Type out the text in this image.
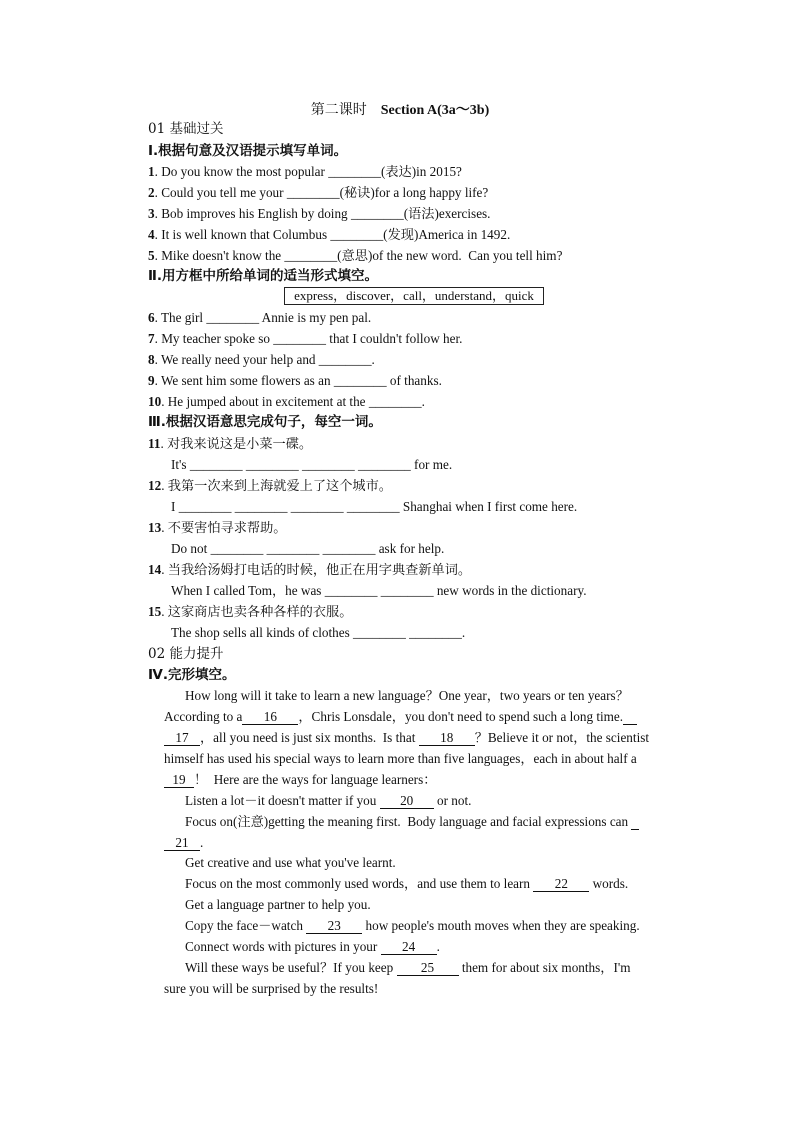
第二课时 Section A(3a～3b)
01 基础过关
Ⅰ.根据句意及汉语提示填写单词。
1. Do you know the most popular ________(表达)in 2015?
2. Could you tell me your ________(秘诀)for a long happy life?
3. Bob improves his English by doing ________(语法)exercises.
4. It is well known that Columbus ________(发现)America in 1492.
5. Mike doesn't know the ________(意思)of the new word.  Can you tell him?
Ⅱ.用方框中所给单词的适当形式填空。
express，discover，call，understand，quick
6. The girl ________ Annie is my pen pal.
7. My teacher spoke so ________ that I couldn't follow her.
8. We really need your help and ________.
9. We sent him some flowers as an ________ of thanks.
10. He jumped about in excitement at the ________.
Ⅲ.根据汉语意思完成句子，每空一词。
11. 对我来说这是小菜一碟。
It's ________ ________ ________ ________ for me.
12. 我第一次来到上海就爱上了这个城市。
I ________ ________ ________ ________ Shanghai when I first come here.
13. 不要害怕寻求帮助。
Do not ________ ________ ________ ask for help.
14. 当我给汤姆打电话的时候，他正在用字典查新单词。
When I called Tom，he was ________ ________ new words in the dictionary.
15. 这家商店也卖各种各样的衣服。
The shop sells all kinds of clothes ________ ________.
02 能力提升
Ⅳ.完形填空。
How long will it take to learn a new language？One year，two years or ten years？
According to a 16 ，Chris Lonsdale，you don't need to spend such a long time.
17 ，all you need is just six months.  Is that 18 ？Believe it or not，the scientist
himself has used his special ways to learn more than five languages，each in about half a
19 ！  Here are the ways for language learners：
Listen a lot－it doesn't matter if you 20 or not.
Focus on(注意)getting the meaning first.  Body language and facial expressions can
21 .
Get creative and use what you've learnt.
Focus on the most commonly used words，and use them to learn 22 words.
Get a language partner to help you.
Copy the face－watch 23 how people's mouth moves when they are speaking.
Connect words with pictures in your 24 .
Will these ways be useful？If you keep 25 them for about six months，I'm
sure you will be surprised by the results!
